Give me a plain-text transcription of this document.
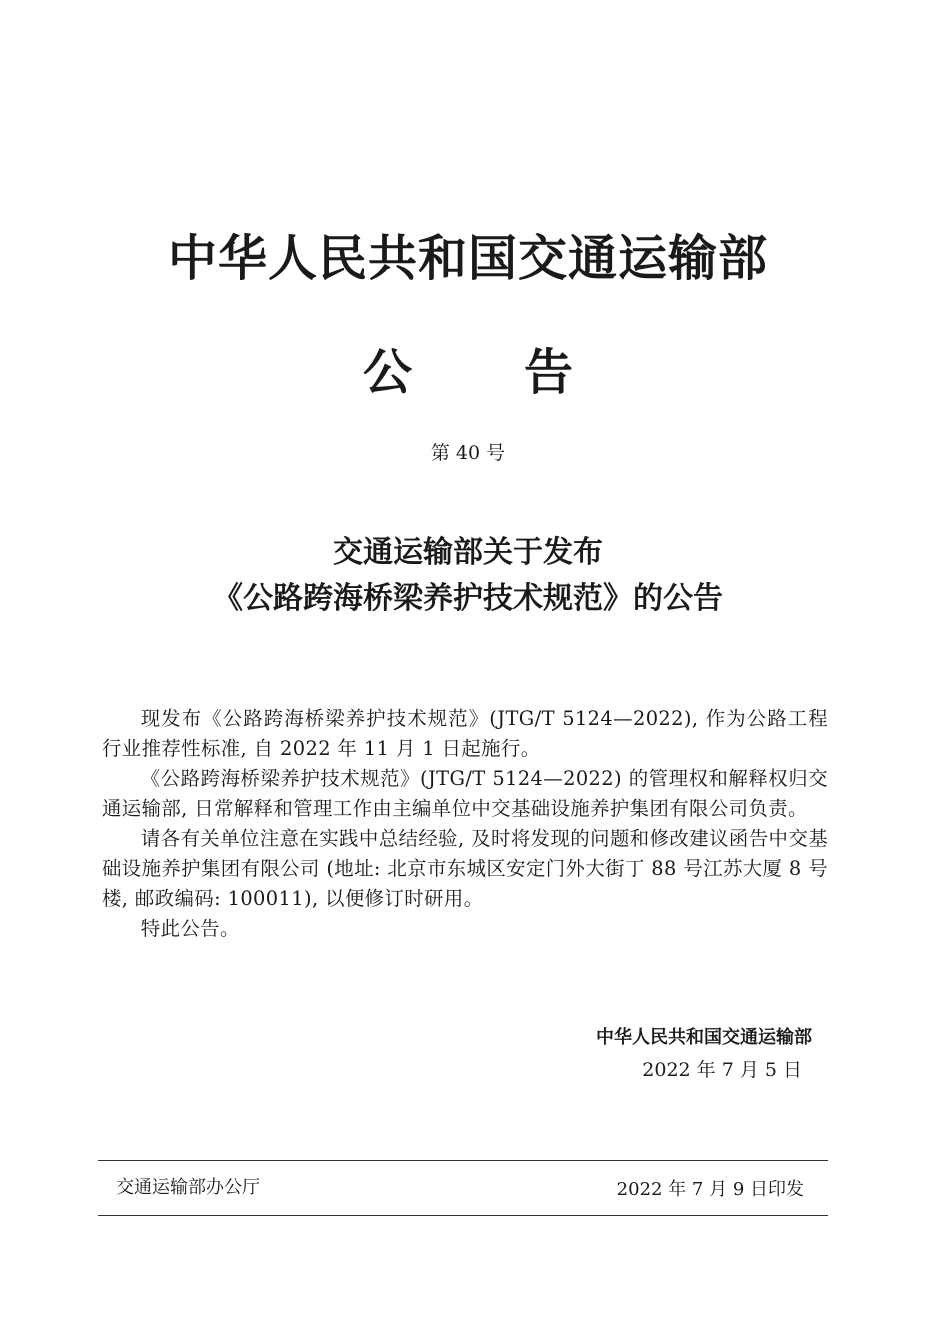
中华人民共和国交通运输部
公 告
第 40 号
交通运输部关于发布
《公路跨海桥梁养护技术规范》的公告

现发布《公路跨海桥梁养护技术规范》(JTG/T 5124—2022), 作为公路工程行业推荐性标准, 自 2022 年 11 月 1 日起施行。

《公路跨海桥梁养护技术规范》(JTG/T 5124—2022) 的管理权和解释权归交通运输部, 日常解释和管理工作由主编单位中交基础设施养护集团有限公司负责。

请各有关单位注意在实践中总结经验, 及时将发现的问题和修改建议函告中交基础设施养护集团有限公司 (地址: 北京市东城区安定门外大街丁 88 号江苏大厦 8 号楼, 邮政编码: 100011), 以便修订时研用。

特此公告。

中华人民共和国交通运输部
2022 年 7 月 5 日
交通运输部办公厅	2022 年 7 月 9 日印发
